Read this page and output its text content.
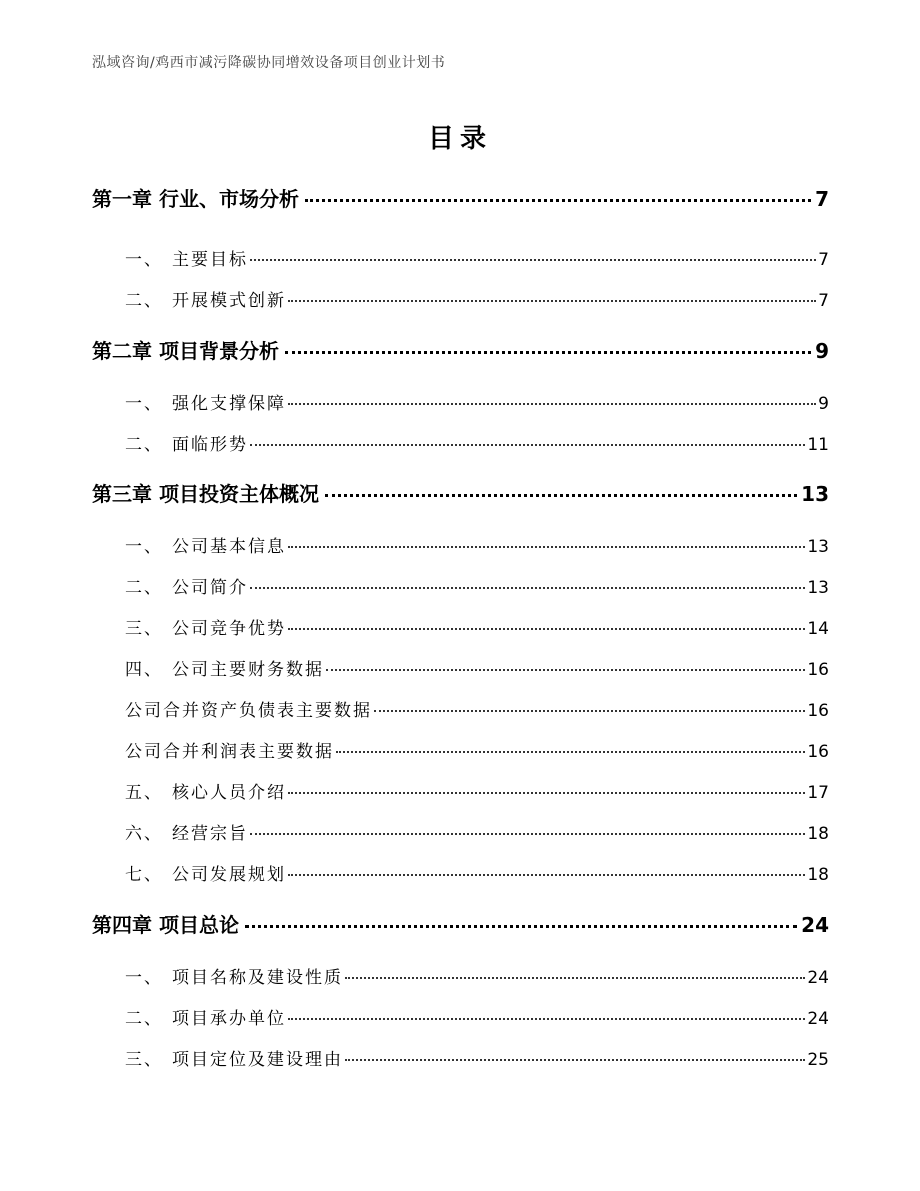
泓域咨询/鸡西市减污降碳协同增效设备项目创业计划书
目录
第一章 行业、市场分析	7
一、 主要目标	7
二、 开展模式创新	7
第二章 项目背景分析	9
一、 强化支撑保障	9
二、 面临形势	11
第三章 项目投资主体概况	13
一、 公司基本信息	13
二、 公司简介	13
三、 公司竞争优势	14
四、 公司主要财务数据	16
公司合并资产负债表主要数据	16
公司合并利润表主要数据	16
五、 核心人员介绍	17
六、 经营宗旨	18
七、 公司发展规划	18
第四章 项目总论	24
一、 项目名称及建设性质	24
二、 项目承办单位	24
三、 项目定位及建设理由	25
